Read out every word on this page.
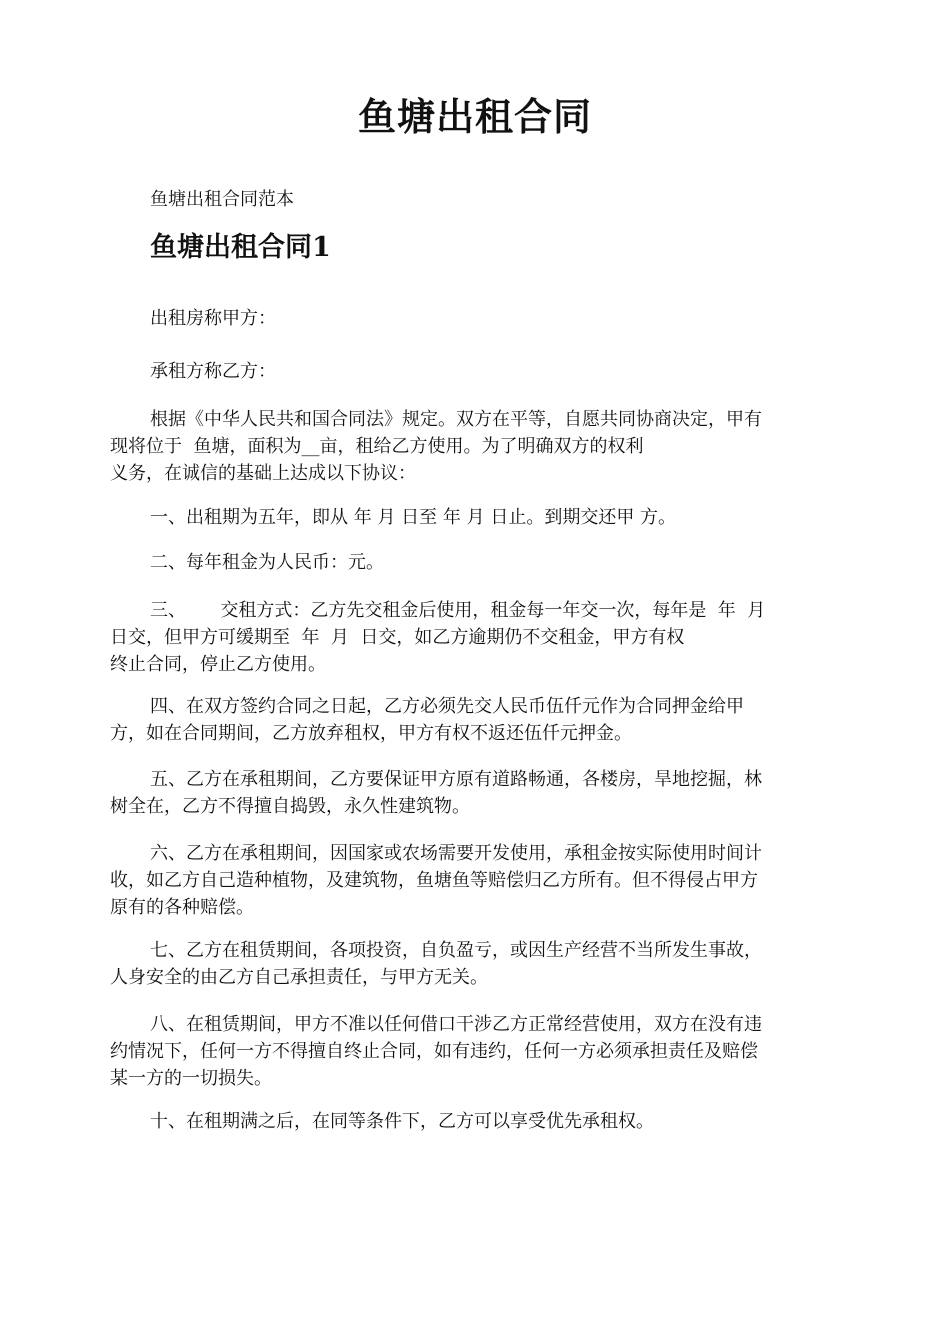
鱼塘出租合同
鱼塘出租合同范本
鱼塘出租合同1

出租房称甲方：

承租方称乙方：

根据《中华人民共和国合同法》规定。双方在平等，自愿共同协商决定，甲有
现将位于  鱼塘，面积为__亩，租给乙方使用。为了明确双方的权利
义务，在诚信的基础上达成以下协议：

一、出租期为五年，即从 年 月 日至 年 月 日止。到期交还甲 方。

二、每年租金为人民币：元。

三、      交租方式：乙方先交租金后使用，租金每一年交一次，每年是  年  月
日交，但甲方可缓期至  年  月  日交，如乙方逾期仍不交租金，甲方有权
终止合同，停止乙方使用。

四、在双方签约合同之日起，乙方必须先交人民币伍仟元作为合同押金给甲
方，如在合同期间，乙方放弃租权，甲方有权不返还伍仟元押金。

五、乙方在承租期间，乙方要保证甲方原有道路畅通，各楼房，旱地挖掘，林
树全在，乙方不得擅自捣毁，永久性建筑物。

六、乙方在承租期间，因国家或农场需要开发使用，承租金按实际使用时间计
收，如乙方自己造种植物，及建筑物，鱼塘鱼等赔偿归乙方所有。但不得侵占甲方
原有的各种赔偿。

七、乙方在租赁期间，各项投资，自负盈亏，或因生产经营不当所发生事故，
人身安全的由乙方自己承担责任，与甲方无关。

八、在租赁期间，甲方不准以任何借口干涉乙方正常经营使用，双方在没有违
约情况下，任何一方不得擅自终止合同，如有违约，任何一方必须承担责任及赔偿
某一方的一切损失。

十、在租期满之后，在同等条件下，乙方可以享受优先承租权。
